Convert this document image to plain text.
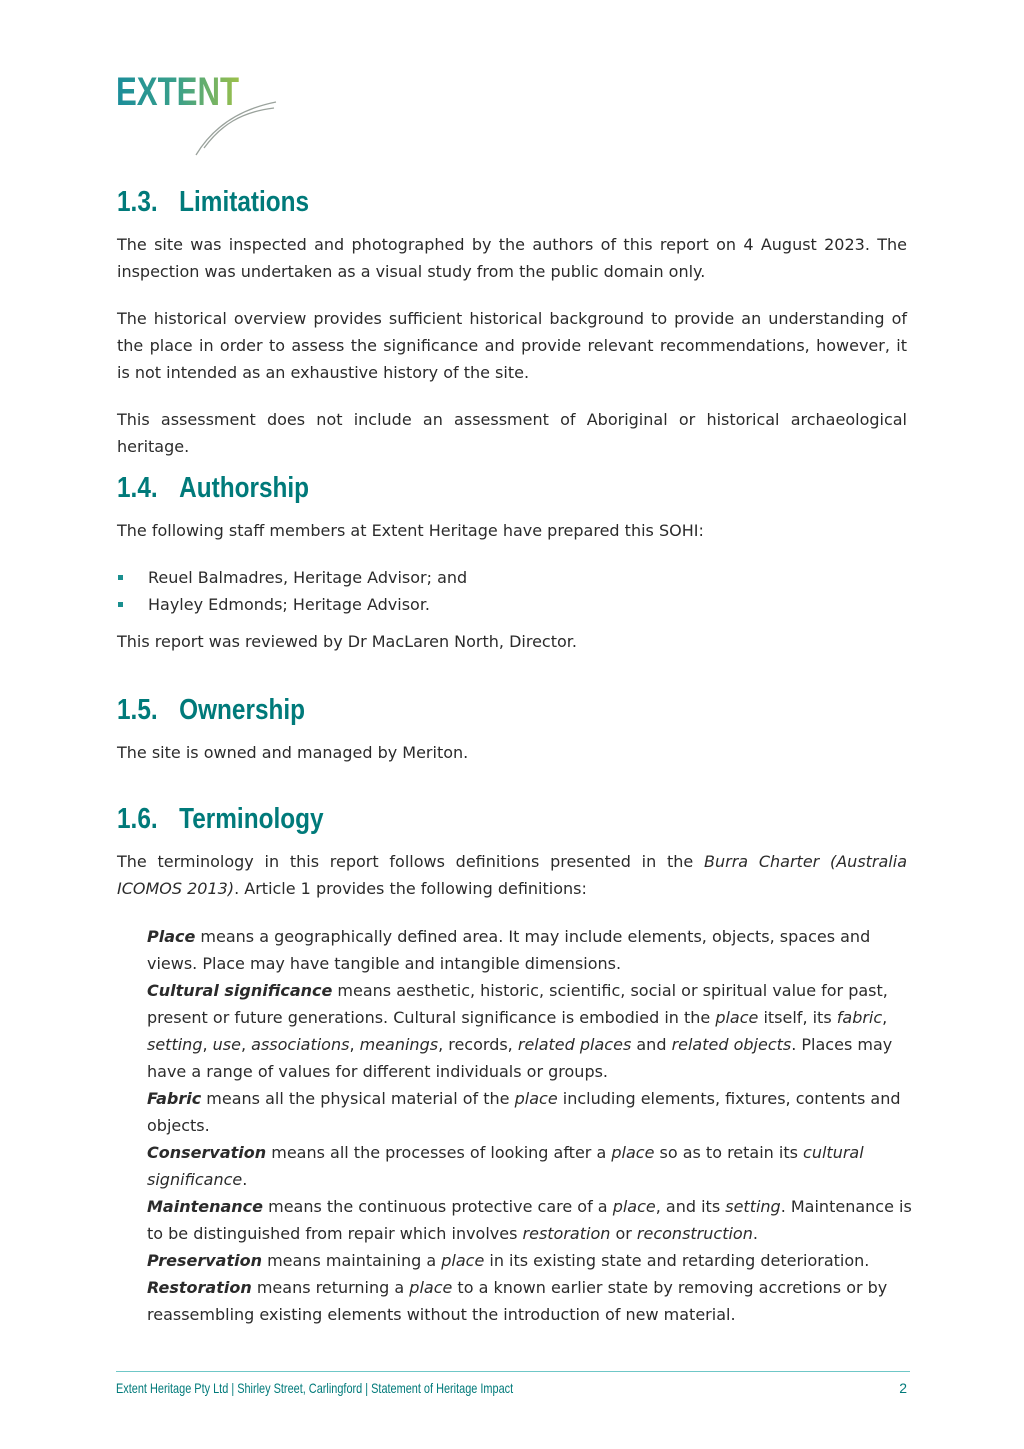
EXTENT
1.3. Limitations

The site was inspected and photographed by the authors of this report on 4 August 2023. The inspection was undertaken as a visual study from the public domain only.

The historical overview provides sufficient historical background to provide an understanding of the place in order to assess the significance and provide relevant recommendations, however, it is not intended as an exhaustive history of the site.

This assessment does not include an assessment of Aboriginal or historical archaeological heritage.

1.4. Authorship

The following staff members at Extent Heritage have prepared this SOHI:

Reuel Balmadres, Heritage Advisor; and
Hayley Edmonds; Heritage Advisor.

This report was reviewed by Dr MacLaren North, Director.

1.5. Ownership

The site is owned and managed by Meriton.

1.6. Terminology

The terminology in this report follows definitions presented in the Burra Charter (Australia ICOMOS 2013). Article 1 provides the following definitions:

Place means a geographically defined area. It may include elements, objects, spaces and views. Place may have tangible and intangible dimensions.

Cultural significance means aesthetic, historic, scientific, social or spiritual value for past, present or future generations. Cultural significance is embodied in the place itself, its fabric, setting, use, associations, meanings, records, related places and related objects. Places may have a range of values for different individuals or groups.

Fabric means all the physical material of the place including elements, fixtures, contents and objects.

Conservation means all the processes of looking after a place so as to retain its cultural significance.

Maintenance means the continuous protective care of a place, and its setting. Maintenance is to be distinguished from repair which involves restoration or reconstruction.

Preservation means maintaining a place in its existing state and retarding deterioration.

Restoration means returning a place to a known earlier state by removing accretions or by reassembling existing elements without the introduction of new material.

Extent Heritage Pty Ltd | Shirley Street, Carlingford | Statement of Heritage Impact	2
